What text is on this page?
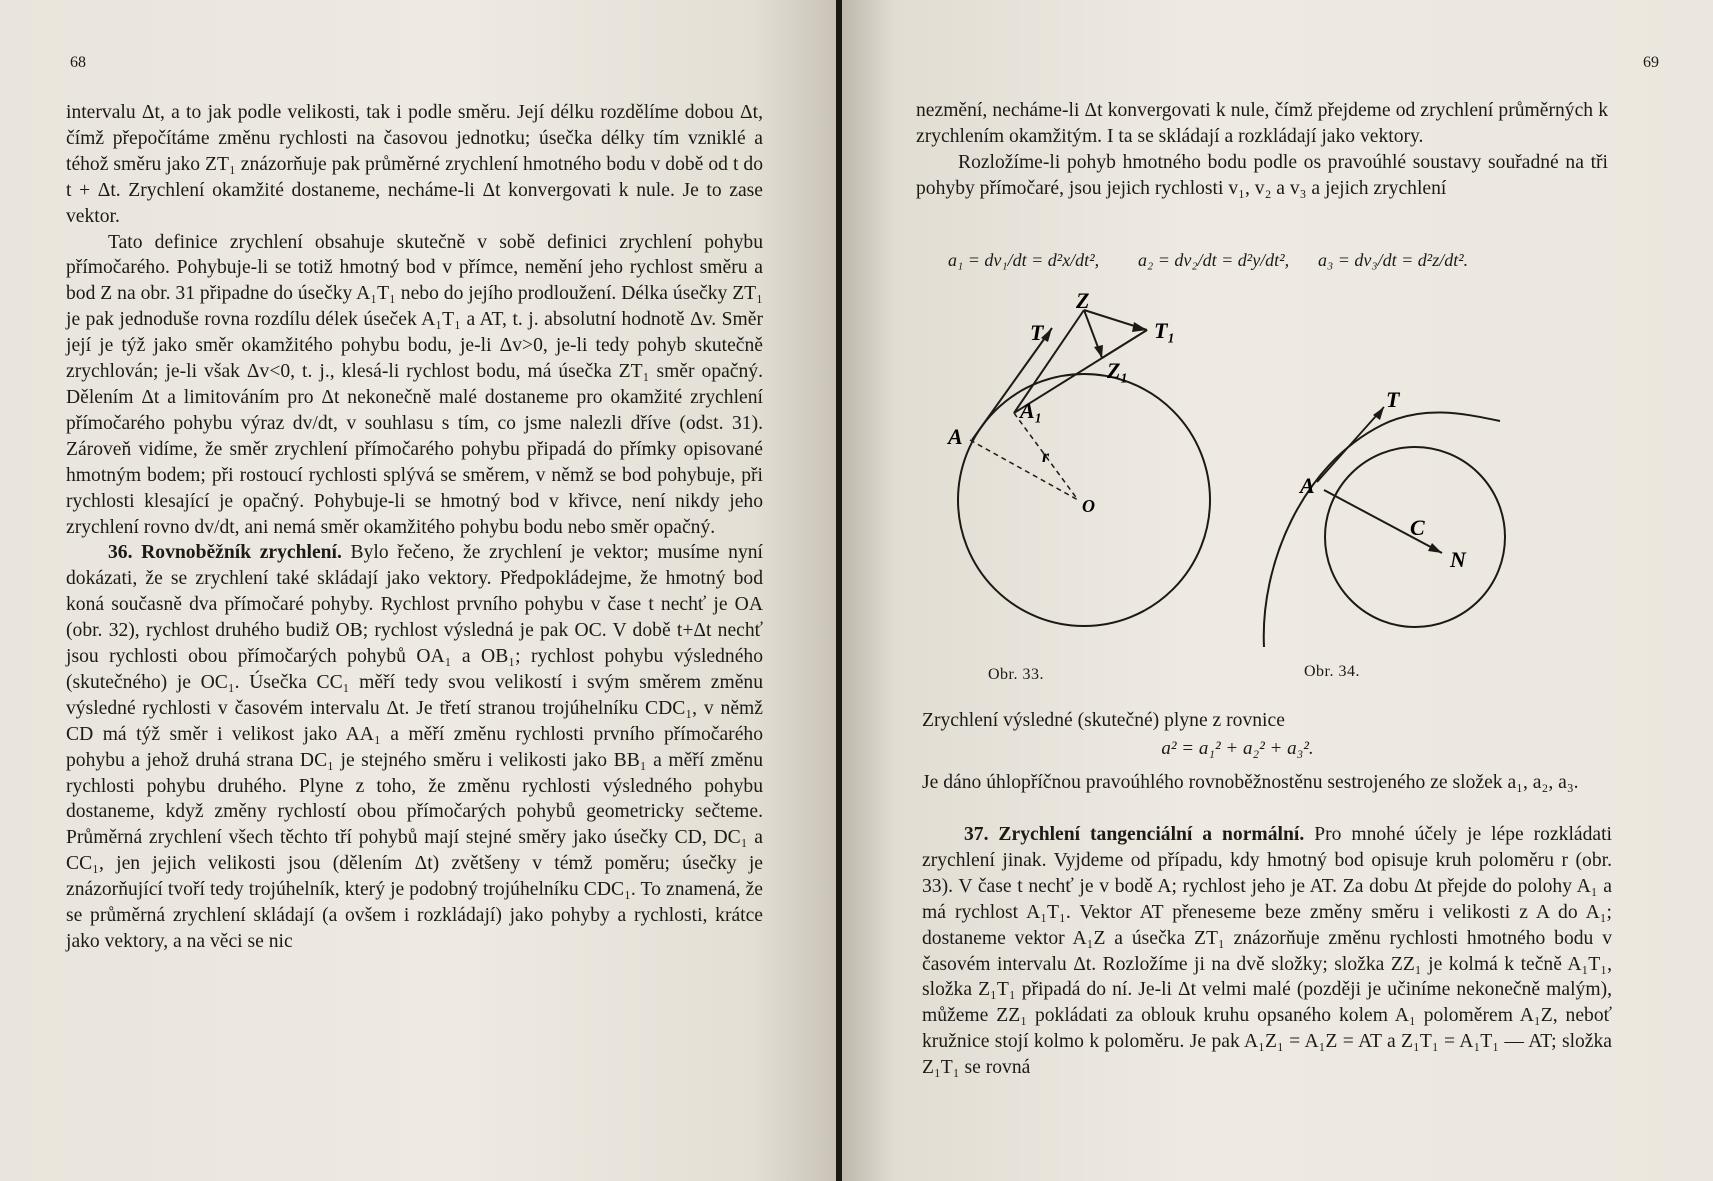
68

intervalu Δt, a to jak podle velikosti, tak i podle směru. Její délku rozdělíme dobou Δt, čímž přepočítáme změnu rychlosti na časovou jednotku; úsečka délky tím vzniklé a téhož směru jako ZT₁ znázorňuje pak průměrné zrychlení hmotného bodu v době od t do t + Δt. Zrychlení okamžité dostaneme, necháme-li Δt konvergovati k nule. Je to zase vektor.

Tato definice zrychlení obsahuje skutečně v sobě definici zrychlení pohybu přímočarého. Pohybuje-li se totiž hmotný bod v přímce, nemění jeho rychlost směru a bod Z na obr. 31 připadne do úsečky A₁T₁ nebo do jejího prodloužení. Délka úsečky ZT₁ je pak jednoduše rovna rozdílu délek úseček A₁T₁ a AT, t. j. absolutní hodnotě Δv. Směr její je týž jako směr okamžitého pohybu bodu, je-li Δv>0, je-li tedy pohyb skutečně zrychlován; je-li však Δv<0, t. j., klesá-li rychlost bodu, má úsečka ZT₁ směr opačný. Dělením Δt a limitováním pro Δt nekonečně malé dostaneme pro okamžité zrychlení přímočarého pohybu výraz dv/dt, v souhlasu s tím, co jsme nalezli dříve (odst. 31). Zároveň vidíme, že směr zrychlení přímočarého pohybu připadá do přímky opisované hmotným bodem; při rostoucí rychlosti splývá se směrem, v němž se bod pohybuje, při rychlosti klesající je opačný. Pohybuje-li se hmotný bod v křivce, není nikdy jeho zrychlení rovno dv/dt, ani nemá směr okamžitého pohybu bodu nebo směr opačný.

36. Rovnoběžník zrychlení. Bylo řečeno, že zrychlení je vektor; musíme nyní dokázati, že se zrychlení také skládají jako vektory. Předpokládejme, že hmotný bod koná současně dva přímočaré pohyby. Rychlost prvního pohybu v čase t nechť je OA (obr. 32), rychlost druhého budiž OB; rychlost výsledná je pak OC. V době t+Δt nechť jsou rychlosti obou přímočarých pohybů OA₁ a OB₁; rychlost pohybu výsledného (skutečného) je OC₁. Úsečka CC₁ měří tedy svou velikostí i svým směrem změnu výsledné rychlosti v časovém intervalu Δt. Je třetí stranou trojúhelníku CDC₁, v němž CD má týž směr i velikost jako AA₁ a měří změnu rychlosti prvního přímočarého pohybu a jehož druhá strana DC₁ je stejného směru i velikosti jako BB₁ a měří změnu rychlosti pohybu druhého. Plyne z toho, že změnu rychlosti výsledného pohybu dostaneme, když změny rychlostí obou přímočarých pohybů geometricky sečteme. Průměrná zrychlení všech těchto tří pohybů mají stejné směry jako úsečky CD, DC₁ a CC₁, jen jejich velikosti jsou (dělením Δt) zvětšeny v témž poměru; úsečky je znázorňující tvoří tedy trojúhelník, který je podobný trojúhelníku CDC₁. To znamená, že se průměrná zrychlení skládají (a ovšem i rozkládají) jako pohyby a rychlosti, krátce jako vektory, a na věci se nic

69

nezmění, necháme-li Δt konvergovati k nule, čímž přejdeme od zrychlení průměrných k zrychlením okamžitým. I ta se skládají a rozkládají jako vektory.

Rozložíme-li pohyb hmotného bodu podle os pravoúhlé soustavy souřadné na tři pohyby přímočaré, jsou jejich rychlosti v₁, v₂ a v₃ a jejich zrychlení

a₁ = dv₁/dt = d²x/dt², a₂ = dv₂/dt = d²y/dt², a₃ = dv₃/dt = d²z/dt².
Z
T	T₁
Z₁
A
A₁
r
O
Obr. 33.
T
A
C
N
Obr. 34.
Zrychlení výsledné (skutečné) plyne z rovnice
a² = a₁² + a₂² + a₃².
Je dáno úhlopříčnou pravoúhlého rovnoběžnostěnu sestrojeného ze složek a₁, a₂, a₃.
37. Zrychlení tangenciální a normální. Pro mnohé účely je lépe rozkládati zrychlení jinak. Vyjdeme od případu, kdy hmotný bod opisuje kruh poloměru r (obr. 33). V čase t nechť je v bodě A; rychlost jeho je AT. Za dobu Δt přejde do polohy A₁ a má rychlost A₁T₁. Vektor AT přeneseme beze změny směru i velikosti z A do A₁; dostaneme vektor A₁Z a úsečka ZT₁ znázorňuje změnu rychlosti hmotného bodu v časovém intervalu Δt. Rozložíme ji na dvě složky; složka ZZ₁ je kolmá k tečně A₁T₁, složka Z₁T₁ připadá do ní. Je-li Δt velmi malé (později je učiníme nekonečně malým), můžeme ZZ₁ pokládati za oblouk kruhu opsaného kolem A₁ poloměrem A₁Z, neboť kružnice stojí kolmo k poloměru. Je pak A₁Z₁ = A₁Z = AT a Z₁T₁ = A₁T₁ — AT; složka Z₁T₁ se rovná
